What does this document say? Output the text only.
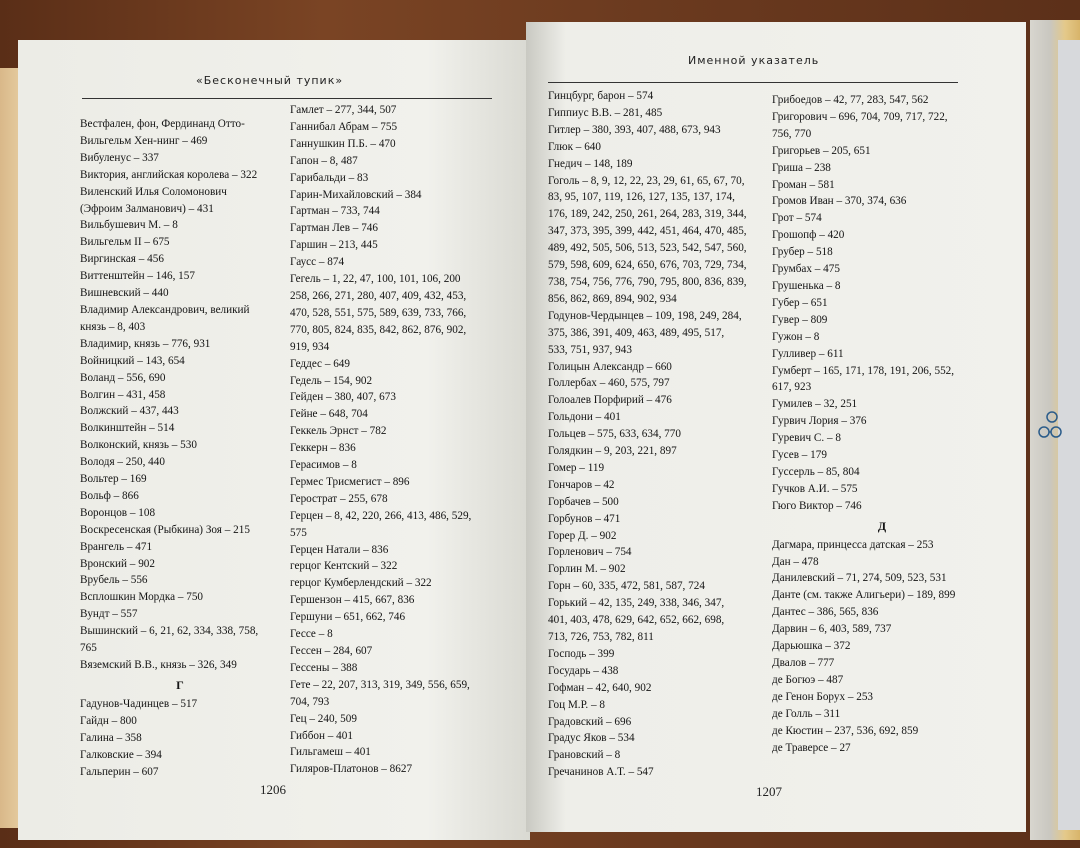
«Бесконечный тупик»
Вестфален, фон, Фердинанд Отто-
Вильгельм Хен-нинг – 469
Вибуленус – 337
Виктория, английская королева – 322
Виленский Илья Соломонович
(Эфроим Залманович) – 431
Вильбушевич М. – 8
Вильгельм II – 675
Виргинская – 456
Виттенштейн – 146, 157
Вишневский – 440
Владимир Александрович, великий
князь – 8, 403
Владимир, князь – 776, 931
Войницкий – 143, 654
Воланд – 556, 690
Волгин – 431, 458
Волжский – 437, 443
Волкинштейн – 514
Волконский, князь – 530
Володя – 250, 440
Вольтер – 169
Вольф – 866
Воронцов – 108
Воскресенская (Рыбкина) Зоя – 215
Врангель – 471
Вронский – 902
Врубель – 556
Всплошкин Мордка – 750
Вундт – 557
Вышинский – 6, 21, 62, 334, 338, 758,
765
Вяземский В.В., князь – 326, 349
Г
Гадунов-Чадинцев – 517
Гайдн – 800
Галина – 358
Галковские – 394
Гальперин – 607
Гамлет – 277, 344, 507
Ганнибал Абрам – 755
Ганнушкин П.Б. – 470
Гапон – 8, 487
Гарибальди – 83
Гарин-Михайловский – 384
Гартман – 733, 744
Гартман Лев – 746
Гаршин – 213, 445
Гаусс – 874
Гегель – 1, 22, 47, 100, 101, 106, 200
258, 266, 271, 280, 407, 409, 432, 453,
470, 528, 551, 575, 589, 639, 733, 766,
770, 805, 824, 835, 842, 862, 876, 902,
919, 934
Геддес – 649
Гедель – 154, 902
Гейден – 380, 407, 673
Гейне – 648, 704
Геккель Эрнст – 782
Геккерн – 836
Герасимов – 8
Гермес Трисмегист – 896
Герострат – 255, 678
Герцен – 8, 42, 220, 266, 413, 486, 529,
575
Герцен Натали – 836
герцог Кентский – 322
герцог Кумберлендский – 322
Гершензон – 415, 667, 836
Гершуни – 651, 662, 746
Гессе – 8
Гессен – 284, 607
Гессены – 388
Гете – 22, 207, 313, 319, 349, 556, 659,
704, 793
Гец – 240, 509
Гиббон – 401
Гильгамеш – 401
Гиляров-Платонов – 8627
1206
Именной указатель
Гинцбург, барон – 574
Гиппиус В.В. – 281, 485
Гитлер – 380, 393, 407, 488, 673, 943
Глюк – 640
Гнедич – 148, 189
Гоголь – 8, 9, 12, 22, 23, 29, 61, 65, 67, 70,
83, 95, 107, 119, 126, 127, 135, 137, 174,
176, 189, 242, 250, 261, 264, 283, 319, 344,
347, 373, 395, 399, 442, 451, 464, 470, 485,
489, 492, 505, 506, 513, 523, 542, 547, 560,
579, 598, 609, 624, 650, 676, 703, 729, 734,
738, 754, 756, 776, 790, 795, 800, 836, 839,
856, 862, 869, 894, 902, 934
Годунов-Чердынцев – 109, 198, 249, 284,
375, 386, 391, 409, 463, 489, 495, 517,
533, 751, 937, 943
Голицын Александр – 660
Голлербах – 460, 575, 797
Голоалев Порфирий – 476
Гольдони – 401
Гольцев – 575, 633, 634, 770
Голядкин – 9, 203, 221, 897
Гомер – 119
Гончаров – 42
Горбачев – 500
Горбунов – 471
Горер Д. – 902
Горленович – 754
Горлин М. – 902
Горн – 60, 335, 472, 581, 587, 724
Горький – 42, 135, 249, 338, 346, 347,
401, 403, 478, 629, 642, 652, 662, 698,
713, 726, 753, 782, 811
Господь – 399
Государь – 438
Гофман – 42, 640, 902
Гоц М.Р. – 8
Градовский – 696
Градус Яков – 534
Грановский – 8
Гречанинов А.Т. – 547
Грибоедов – 42, 77, 283, 547, 562
Григорович – 696, 704, 709, 717, 722,
756, 770
Григорьев – 205, 651
Гриша – 238
Громан – 581
Громов Иван – 370, 374, 636
Грот – 574
Грошопф – 420
Грубер – 518
Грумбах – 475
Грушенька – 8
Губер – 651
Гувер – 809
Гужон – 8
Гулливер – 611
Гумберт – 165, 171, 178, 191, 206, 552,
617, 923
Гумилев – 32, 251
Гурвич Лория – 376
Гуревич С. – 8
Гусев – 179
Гуссерль – 85, 804
Гучков А.И. – 575
Гюго Виктор – 746
Д
Дагмара, принцесса датская – 253
Дан – 478
Данилевский – 71, 274, 509, 523, 531
Данте (см. также Алигьери) – 189, 899
Дантес – 386, 565, 836
Дарвин – 6, 403, 589, 737
Дарьюшка – 372
Двалов – 777
де Богюэ – 487
де Генон Борух – 253
де Голль – 311
де Кюстин – 237, 536, 692, 859
де Траверсе – 27
1207
